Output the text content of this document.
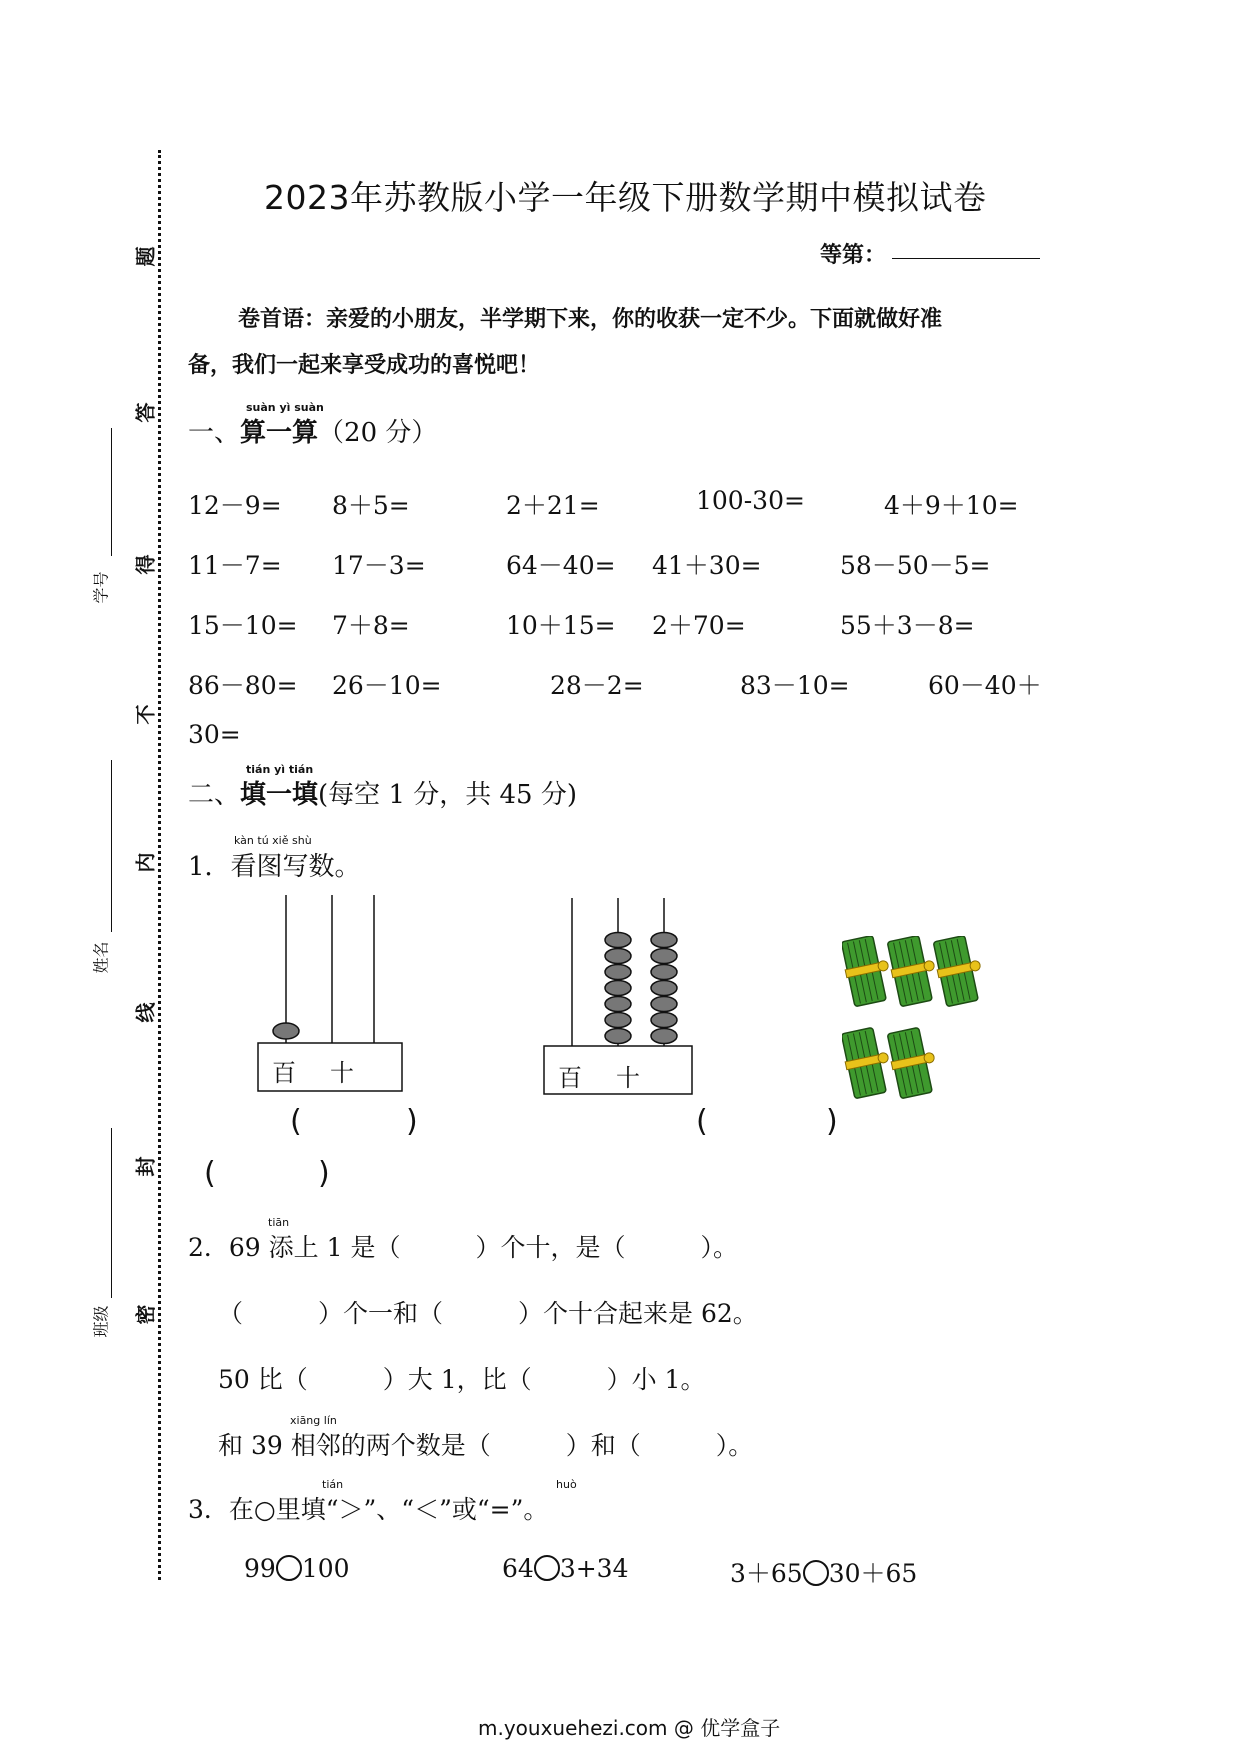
题
答
得
不
内
线
封
密
学号
姓名
班级
2023年苏教版小学一年级下册数学期中模拟试卷
等第：
卷首语：亲爱的小朋友，半学期下来，你的收获一定不少。下面就做好准
备，我们一起来享受成功的喜悦吧！
suàn yì suàn
一、算一算（20 分）
12－9= 8＋5=	2＋21=	100-30=	4＋9＋10=
11－7= 17－3=	64－40= 41＋30=	58－50－5=
15－10= 7＋8=	10＋15= 2＋70=	55＋3－8=
86－80= 26－10=	28－2=	83－10=	60－40＋
30=
tián yì tián
二、填一填(每空 1 分，共 45 分)
kàn tú xiě shù
1．看图写数。
百 十	百 十
(	)	(	)
(	)
tiān
2．69 添上 1 是（　　　）个十，是（　　　）。
（　　　）个一和（　　　）个十合起来是 62。
50 比（　　　）大 1，比（　　　）小 1。
xiāng lín
和 39 相邻的两个数是（　　　）和（　　　）。
tián	huò
3．在○里填“＞”、“＜”或“=”。
99 100	64 3+34	3＋65 30＋65
m.youxuehezi.com @ 优学盒子
